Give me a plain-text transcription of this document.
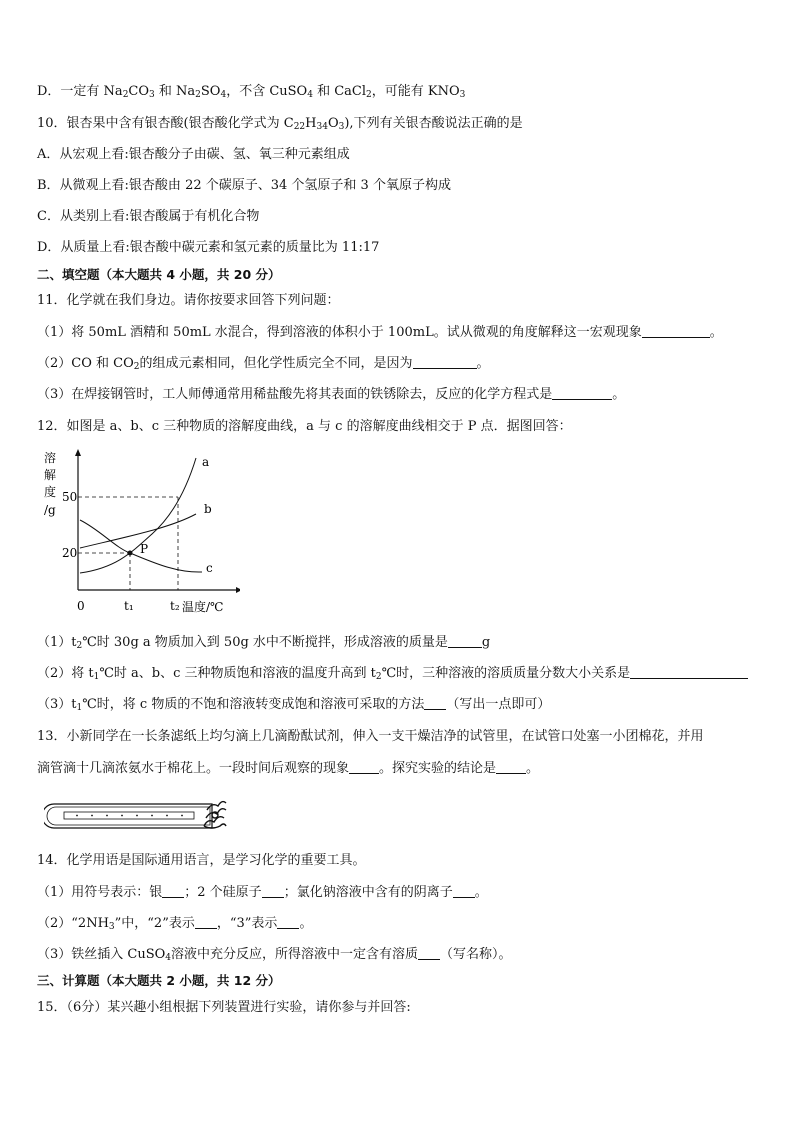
D．一定有 $Na_2CO_3$ 和 $Na_2SO_4$，不含 CuSO$_4$ 和 CaCl$_2$，可能有 $KNO_3$
10．银杏果中含有银杏酸(银杏酸化学式为 $C_{22}H_{34}O_3$),下列有关银杏酸说法正确的是
A．从宏观上看:银杏酸分子由碳、氢、氧三种元素组成
B．从微观上看:银杏酸由 22 个碳原子、34 个氢原子和 3 个氧原子构成
C．从类别上看:银杏酸属于有机化合物
D．从质量上看:银杏酸中碳元素和氢元素的质量比为 11:17
二、填空题（本大题共 4 小题，共 20 分）
11．化学就在我们身边。请你按要求回答下列问题：
（1）将 50mL 酒精和 50mL 水混合，得到溶液的体积小于 100mL。试从微观的角度解释这一宏观现象	。
（2）CO 和 $CO_2$的组成元素相同，但化学性质完全不同，是因为	。
（3）在焊接钢管时，工人师傅通常用稀盐酸先将其表面的铁锈除去，反应的化学方程式是	。
12．如图是 a、b、c 三种物质的溶解度曲线，a 与 c 的溶解度曲线相交于 P 点．据图回答：
溶
解
度
/g
50
20
0	t₁	t₂ 温度/℃
a
b
c
P
$(1)t_2℃$时 30g a 物质加入到 50g 水中不断搅拌，形成溶液的质量是	g
（2）将 $t_1℃$时 a、b、c 三种物质饱和溶液的温度升高到 $t_2℃$时，三种溶液的溶质质量分数大小关系是
$(3)t_1℃$时，将 c 物质的不饱和溶液转变成饱和溶液可采取的方法 （写出一点即可）
13．小新同学在一长条滤纸上均匀滴上几滴酚酞试剂，伸入一支干燥洁净的试管里，在试管口处塞一小团棉花，并用
滴管滴十几滴浓氨水于棉花上。一段时间后观察的现象 。探究实验的结论是 。
14．化学用语是国际通用语言，是学习化学的重要工具。
（1）用符号表示：银 ；2 个硅原子 ；氯化钠溶液中含有的阴离子 。
$(2)“2NH_3$”中，“2”表示 ，“3”表示 。
（3）铁丝插入 CuSO$_4$溶液中充分反应，所得溶液中一定含有溶质 （写名称）。
三、计算题（本大题共 2 小题，共 12 分）
15．（6分）某兴趣小组根据下列装置进行实验，请你参与并回答:
